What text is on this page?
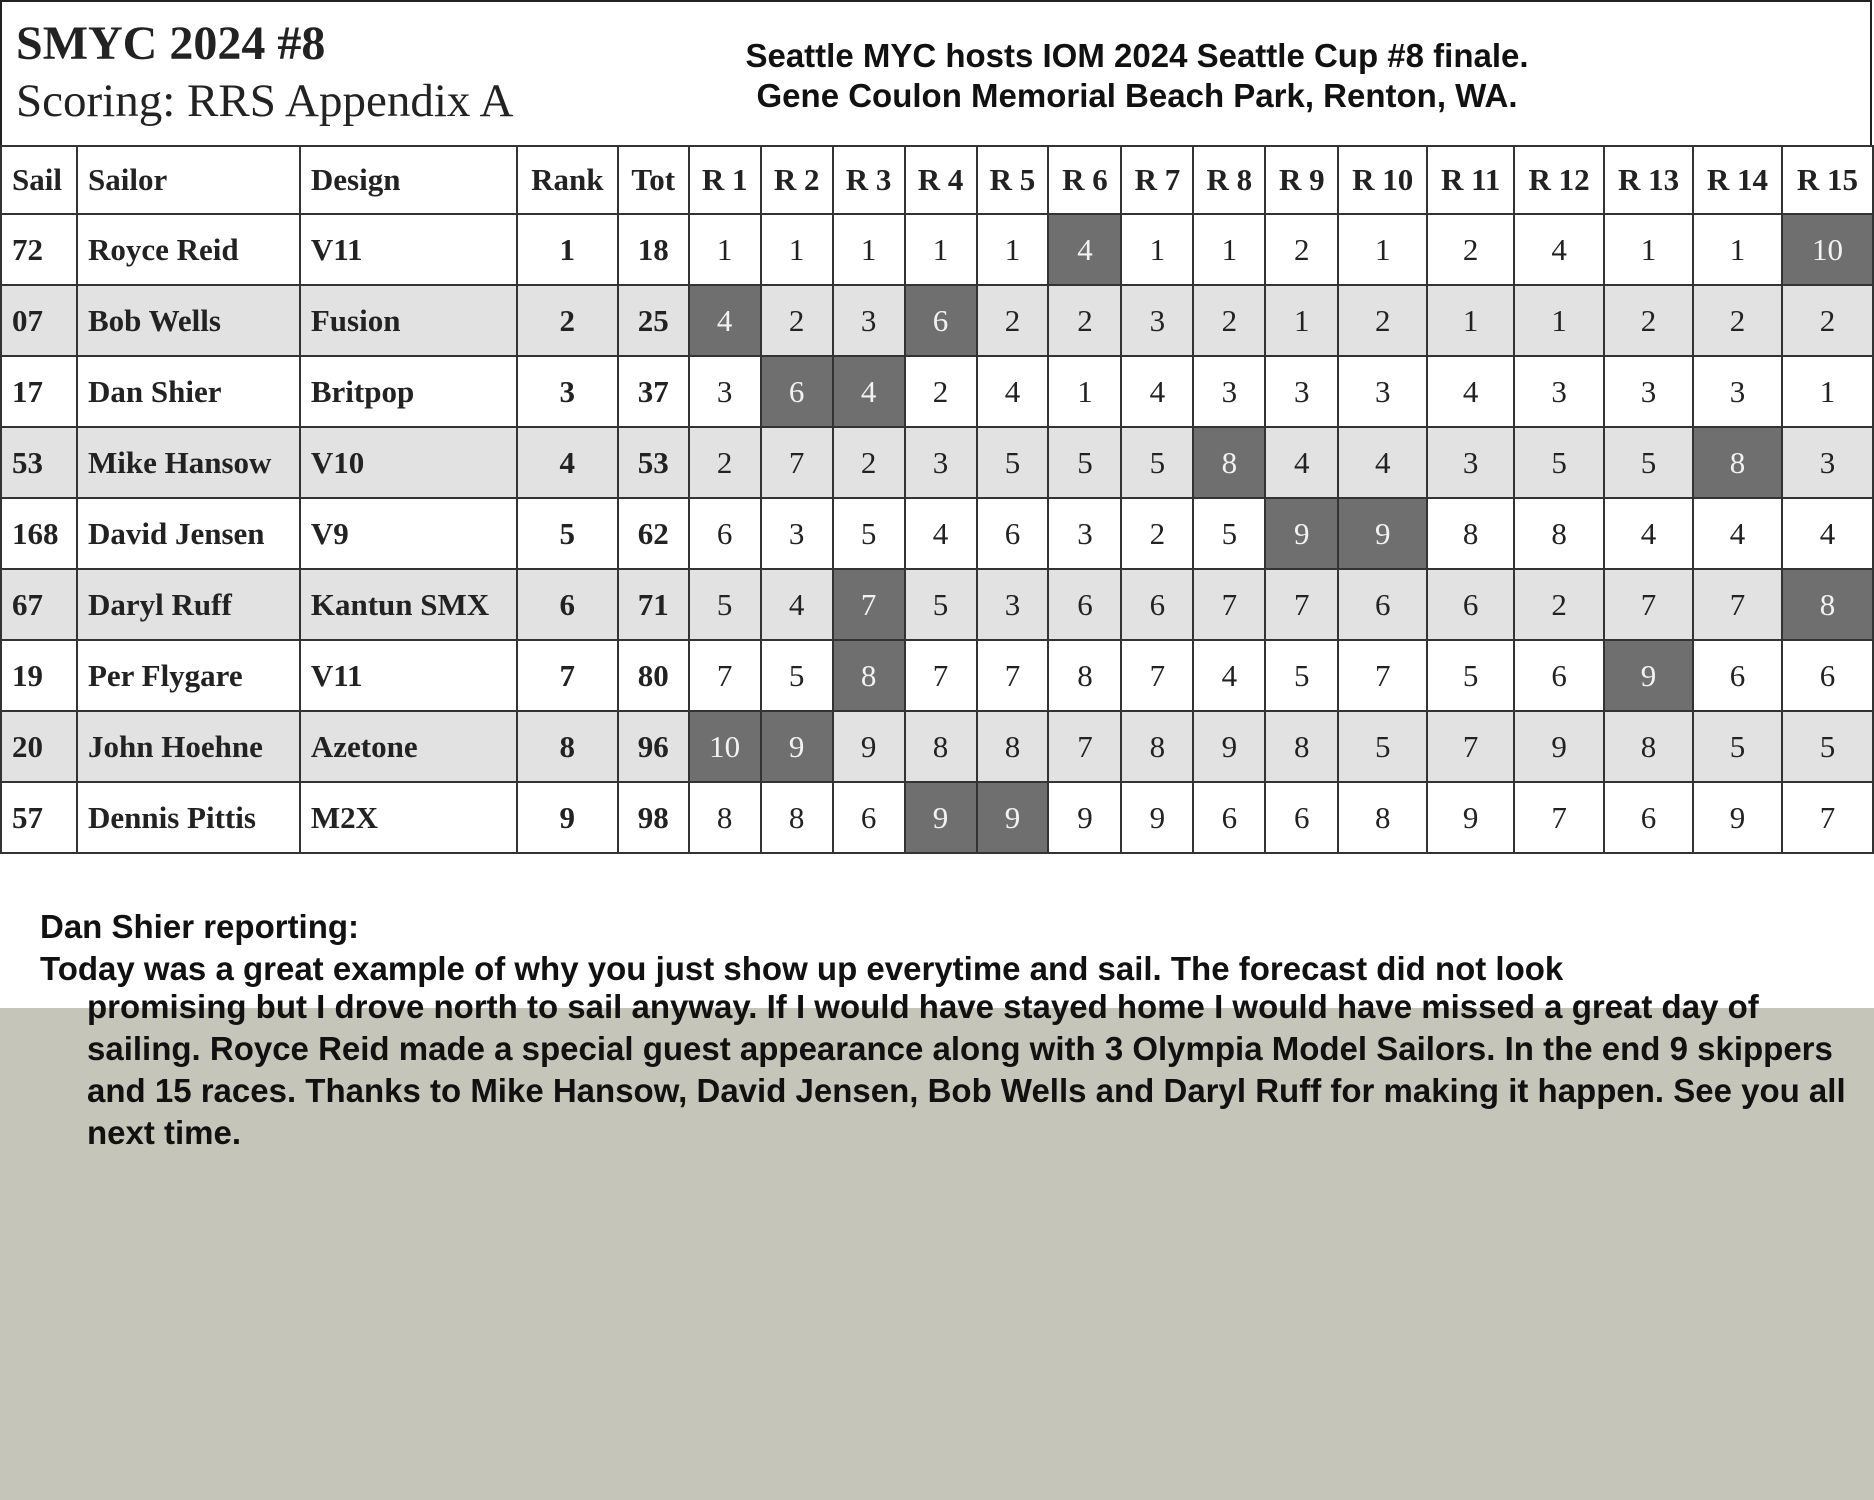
SMYC 2024 #8
Scoring: RRS Appendix A
Seattle MYC hosts IOM 2024 Seattle Cup #8 finale.
Gene Coulon Memorial Beach Park, Renton, WA.
Sail	Sailor	Design	Rank	Tot	R 1	R 2	R 3	R 4	R 5	R 6	R 7	R 8	R 9	R 10	R 11	R 12	R 13	R 14	R 15
72	Royce Reid	V11	1	18	1	1	1	1	1	4	1	1	2	1	2	4	1	1	10
07	Bob Wells	Fusion	2	25	4	2	3	6	2	2	3	2	1	2	1	1	2	2	2
17	Dan Shier	Britpop	3	37	3	6	4	2	4	1	4	3	3	3	4	3	3	3	1
53	Mike Hansow	V10	4	53	2	7	2	3	5	5	5	8	4	4	3	5	5	8	3
168	David Jensen	V9	5	62	6	3	5	4	6	3	2	5	9	9	8	8	4	4	4
67	Daryl Ruff	Kantun SMX	6	71	5	4	7	5	3	6	6	7	7	6	6	2	7	7	8
19	Per Flygare	V11	7	80	7	5	8	7	7	8	7	4	5	7	5	6	9	6	6
20	John Hoehne	Azetone	8	96	10	9	9	8	8	7	8	9	8	5	7	9	8	5	5
57	Dennis Pittis	M2X	9	98	8	8	6	9	9	9	9	6	6	8	9	7	6	9	7

Dan Shier reporting:

Today was a great example of why you just show up everytime and sail. The forecast did not look

promising but I drove north to sail anyway. If I would have stayed home I would have missed a great day of sailing. Royce Reid made a special guest appearance along with 3 Olympia Model Sailors. In the end 9 skippers and 15 races. Thanks to Mike Hansow, David Jensen, Bob Wells and Daryl Ruff for making it happen. See you all next time.
